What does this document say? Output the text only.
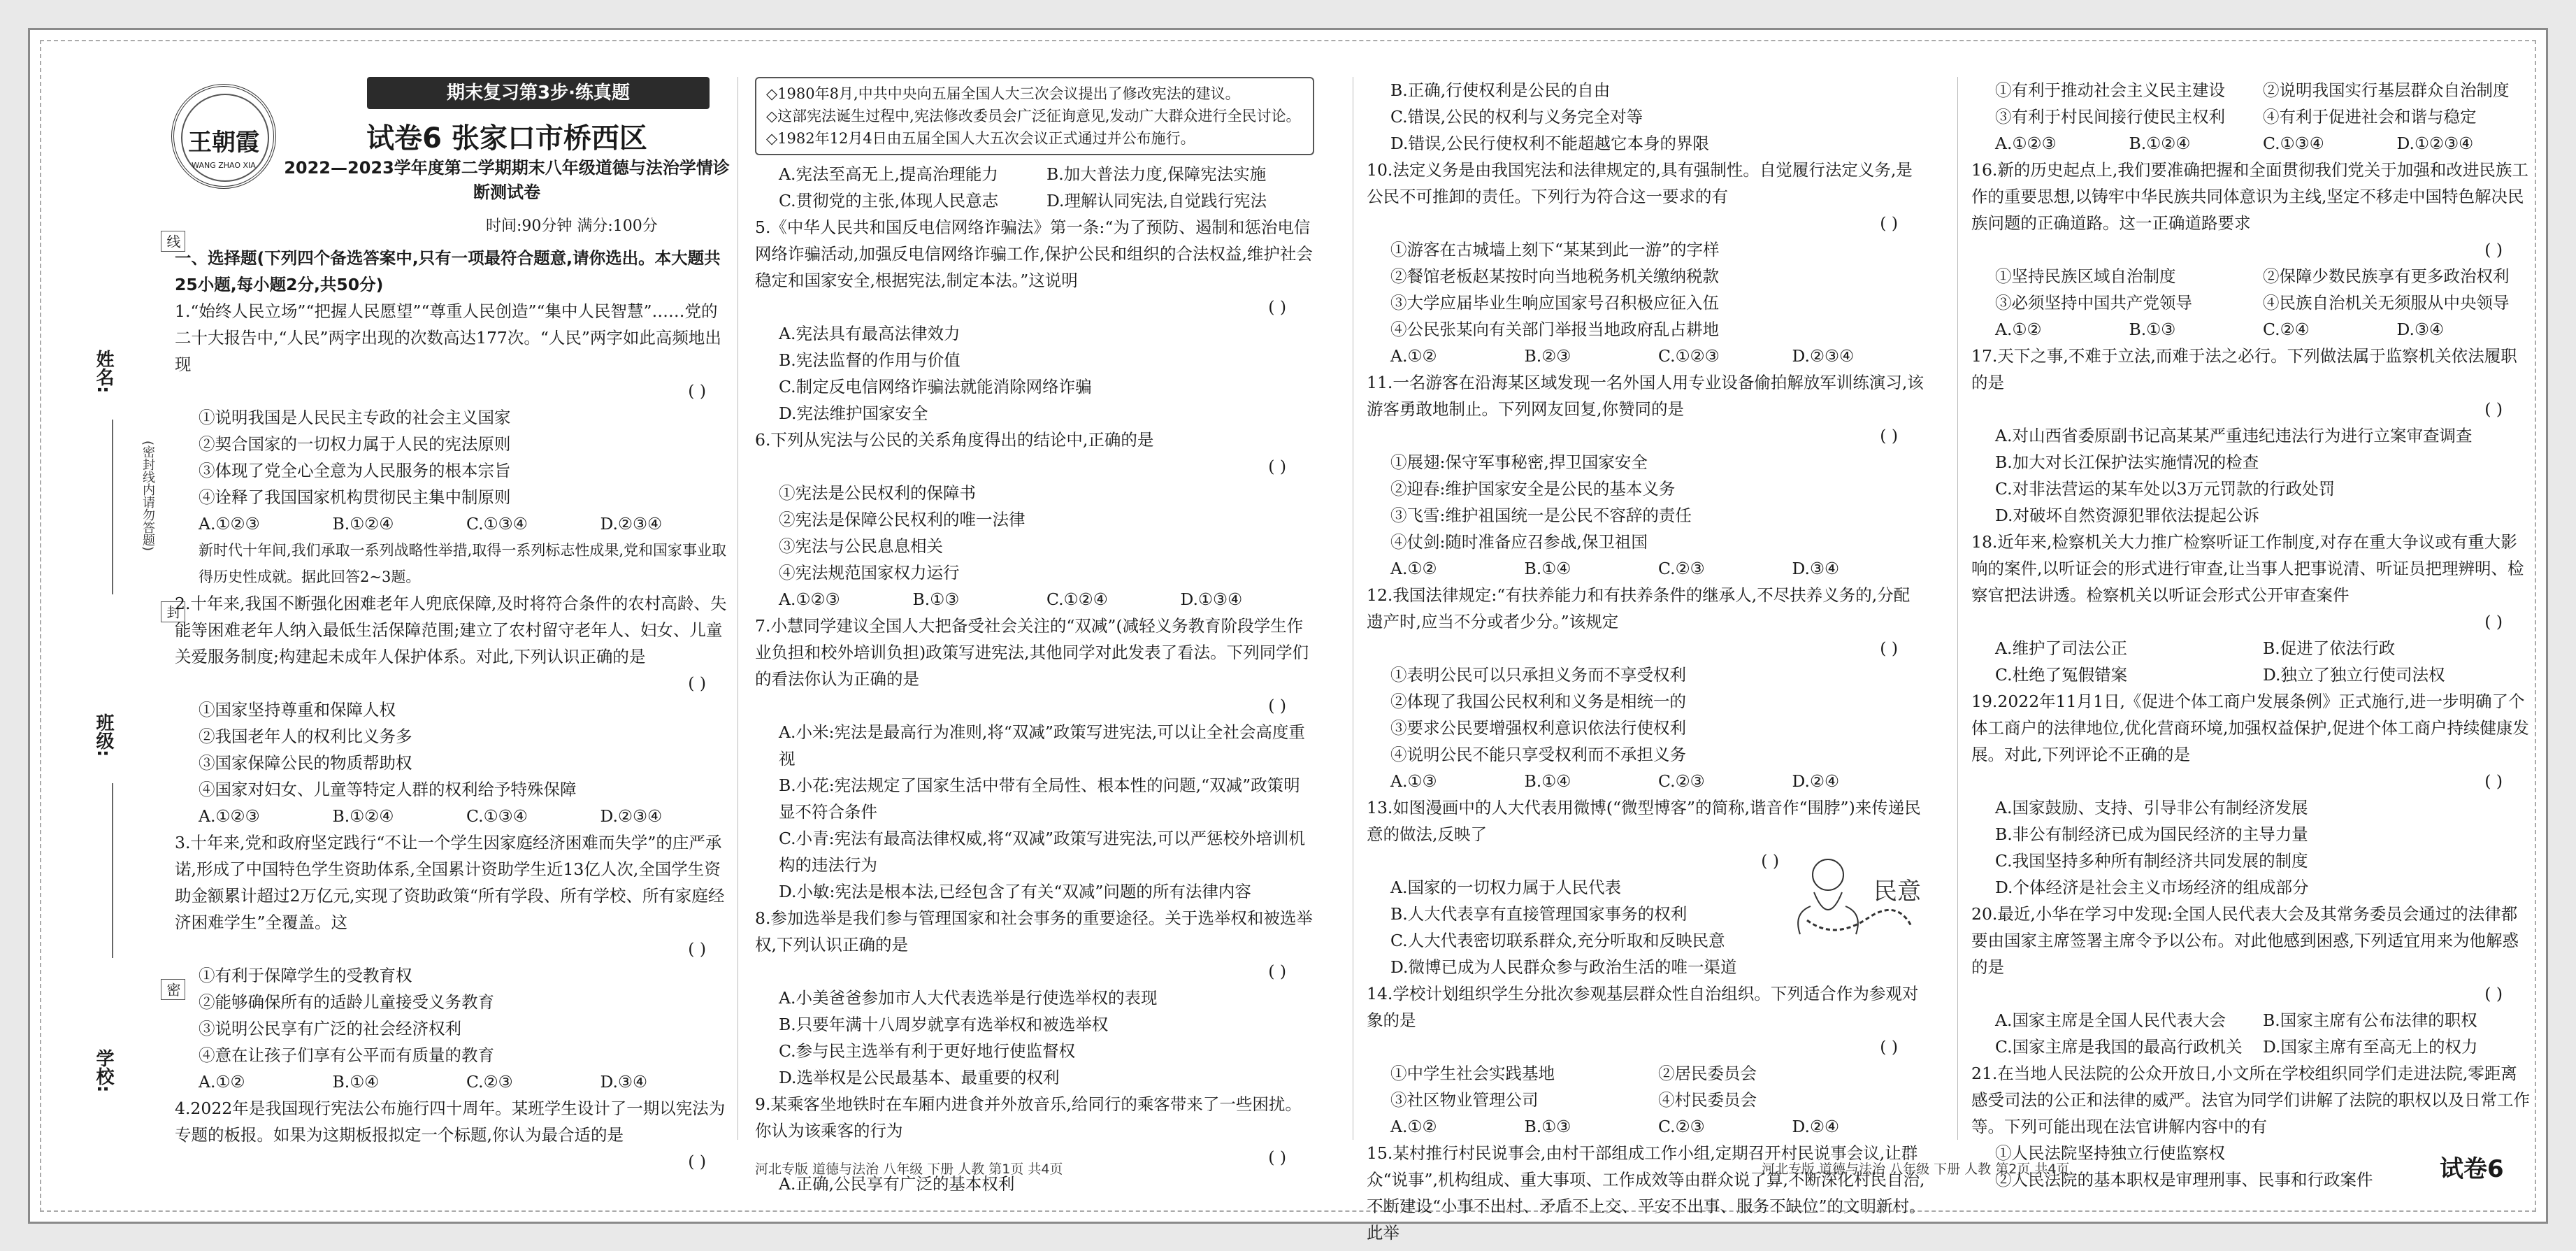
姓名:
班级:
学校:
线
(密封线内请勿答题)
封
密
期末复习第3步·练真题
王朝霞
WANG ZHAO XIA
试卷6 张家口市桥西区
2022—2023学年度第二学期期末八年级道德与法治学情诊断测试卷
时间:90分钟 满分:100分

一、选择题(下列四个备选答案中,只有一项最符合题意,请你选出。本大题共25小题,每小题2分,共50分)

1.“始终人民立场”“把握人民愿望”“尊重人民创造”“集中人民智慧”……党的二十大报告中,“人民”两字出现的次数高达177次。“人民”两字如此高频地出现

( )
①说明我国是人民民主专政的社会主义国家
②契合国家的一切权力属于人民的宪法原则
③体现了党全心全意为人民服务的根本宗旨
④诠释了我国国家机构贯彻民主集中制原则
A.①②③	B.①②④	C.①③④	D.②③④
新时代十年间,我们承取一系列战略性举措,取得一系列标志性成果,党和国家事业取得历史性成就。据此回答2~3题。

2.十年来,我国不断强化困难老年人兜底保障,及时将符合条件的农村高龄、失能等困难老年人纳入最低生活保障范围;建立了农村留守老年人、妇女、儿童关爱服务制度;构建起未成年人保护体系。对此,下列认识正确的是

( )
①国家坚持尊重和保障人权
②我国老年人的权利比义务多
③国家保障公民的物质帮助权
④国家对妇女、儿童等特定人群的权利给予特殊保障
A.①②③	B.①②④	C.①③④	D.②③④

3.十年来,党和政府坚定践行“不让一个学生因家庭经济困难而失学”的庄严承诺,形成了中国特色学生资助体系,全国累计资助学生近13亿人次,全国学生资助金额累计超过2万亿元,实现了资助政策“所有学段、所有学校、所有家庭经济困难学生”全覆盖。这

( )
①有利于保障学生的受教育权
②能够确保所有的适龄儿童接受义务教育
③说明公民享有广泛的社会经济权利
④意在让孩子们享有公平而有质量的教育
A.①②	B.①④	C.②③	D.③④

4.2022年是我国现行宪法公布施行四十周年。某班学生设计了一期以宪法为专题的板报。如果为这期板报拟定一个标题,你认为最合适的是

( )
◇1980年8月,中共中央向五届全国人大三次会议提出了修改宪法的建议。
◇这部宪法诞生过程中,宪法修改委员会广泛征询意见,发动广大群众进行全民讨论。
◇1982年12月4日由五届全国人大五次会议正式通过并公布施行。
A.宪法至高无上,提高治理能力	B.加大普法力度,保障宪法实施
C.贯彻党的主张,体现人民意志	D.理解认同宪法,自觉践行宪法

5.《中华人民共和国反电信网络诈骗法》第一条:“为了预防、遏制和惩治电信网络诈骗活动,加强反电信网络诈骗工作,保护公民和组织的合法权益,维护社会稳定和国家安全,根据宪法,制定本法。”这说明

( )
A.宪法具有最高法律效力
B.宪法监督的作用与价值
C.制定反电信网络诈骗法就能消除网络诈骗
D.宪法维护国家安全

6.下列从宪法与公民的关系角度得出的结论中,正确的是

( )
①宪法是公民权利的保障书
②宪法是保障公民权利的唯一法律
③宪法与公民息息相关
④宪法规范国家权力运行
A.①②③	B.①③	C.①②④	D.①③④

7.小慧同学建议全国人大把备受社会关注的“双减”(减轻义务教育阶段学生作业负担和校外培训负担)政策写进宪法,其他同学对此发表了看法。下列同学们的看法你认为正确的是

( )
A.小米:宪法是最高行为准则,将“双减”政策写进宪法,可以让全社会高度重视
B.小花:宪法规定了国家生活中带有全局性、根本性的问题,“双减”政策明显不符合条件
C.小青:宪法有最高法律权威,将“双减”政策写进宪法,可以严惩校外培训机构的违法行为
D.小敏:宪法是根本法,已经包含了有关“双减”问题的所有法律内容

8.参加选举是我们参与管理国家和社会事务的重要途径。关于选举权和被选举权,下列认识正确的是

( )
A.小美爸爸参加市人大代表选举是行使选举权的表现
B.只要年满十八周岁就享有选举权和被选举权
C.参与民主选举有利于更好地行使监督权
D.选举权是公民最基本、最重要的权利

9.某乘客坐地铁时在车厢内进食并外放音乐,给同行的乘客带来了一些困扰。你认为该乘客的行为

( )
A.正确,公民享有广泛的基本权利
B.正确,行使权利是公民的自由
C.错误,公民的权利与义务完全对等
D.错误,公民行使权利不能超越它本身的界限

10.法定义务是由我国宪法和法律规定的,具有强制性。自觉履行法定义务,是公民不可推卸的责任。下列行为符合这一要求的有

( )
①游客在古城墙上刻下“某某到此一游”的字样
②餐馆老板赵某按时向当地税务机关缴纳税款
③大学应届毕业生响应国家号召积极应征入伍
④公民张某向有关部门举报当地政府乱占耕地
A.①②	B.②③	C.①②③	D.②③④

11.一名游客在沿海某区域发现一名外国人用专业设备偷拍解放军训练演习,该游客勇敢地制止。下列网友回复,你赞同的是

( )
①展翅:保守军事秘密,捍卫国家安全
②迎春:维护国家安全是公民的基本义务
③飞雪:维护祖国统一是公民不容辞的责任
④仗剑:随时准备应召参战,保卫祖国
A.①②	B.①④	C.②③	D.③④

12.我国法律规定:“有扶养能力和有扶养条件的继承人,不尽扶养义务的,分配遗产时,应当不分或者少分。”该规定

( )
①表明公民可以只承担义务而不享受权利
②体现了我国公民权利和义务是相统一的
③要求公民要增强权利意识依法行使权利
④说明公民不能只享受权利而不承担义务
A.①③	B.①④	C.②③	D.②④

13.如图漫画中的人大代表用微博(“微型博客”的简称,谐音作“围脖”)来传递民意的做法,反映了

民意
( )
A.国家的一切权力属于人民代表
B.人大代表享有直接管理国家事务的权利
C.人大代表密切联系群众,充分听取和反映民意
D.微博已成为人民群众参与政治生活的唯一渠道

14.学校计划组织学生分批次参观基层群众性自治组织。下列适合作为参观对象的是

( )
①中学生社会实践基地	②居民委员会
③社区物业管理公司	④村民委员会
A.①②	B.①③	C.②③	D.②④

15.某村推行村民说事会,由村干部组成工作小组,定期召开村民说事会议,让群众“说事”,机构组成、重大事项、工作成效等由群众说了算,不断深化村民自治,不断建设“小事不出村、矛盾不上交、平安不出事、服务不缺位”的文明新村。此举

①有利于推动社会主义民主建设	②说明我国实行基层群众自治制度
③有利于村民间接行使民主权利	④有利于促进社会和谐与稳定
A.①②③	B.①②④	C.①③④	D.①②③④

16.新的历史起点上,我们要准确把握和全面贯彻我们党关于加强和改进民族工作的重要思想,以铸牢中华民族共同体意识为主线,坚定不移走中国特色解决民族问题的正确道路。这一正确道路要求

( )
①坚持民族区域自治制度	②保障少数民族享有更多政治权利
③必须坚持中国共产党领导	④民族自治机关无须服从中央领导
A.①②	B.①③	C.②④	D.③④

17.天下之事,不难于立法,而难于法之必行。下列做法属于监察机关依法履职的是

( )
A.对山西省委原副书记高某某严重违纪违法行为进行立案审查调查
B.加大对长江保护法实施情况的检查
C.对非法营运的某车处以3万元罚款的行政处罚
D.对破坏自然资源犯罪依法提起公诉

18.近年来,检察机关大力推广检察听证工作制度,对存在重大争议或有重大影响的案件,以听证会的形式进行审查,让当事人把事说清、听证员把理辨明、检察官把法讲透。检察机关以听证会形式公开审查案件

( )
A.维护了司法公正	B.促进了依法行政
C.杜绝了冤假错案	D.独立了独立行使司法权

19.2022年11月1日,《促进个体工商户发展条例》正式施行,进一步明确了个体工商户的法律地位,优化营商环境,加强权益保护,促进个体工商户持续健康发展。对此,下列评论不正确的是

( )
A.国家鼓励、支持、引导非公有制经济发展
B.非公有制经济已成为国民经济的主导力量
C.我国坚持多种所有制经济共同发展的制度
D.个体经济是社会主义市场经济的组成部分

20.最近,小华在学习中发现:全国人民代表大会及其常务委员会通过的法律都要由国家主席签署主席令予以公布。对此他感到困惑,下列适宜用来为他解惑的是

( )
A.国家主席是全国人民代表大会	B.国家主席有公布法律的职权
C.国家主席是我国的最高行政机关	D.国家主席有至高无上的权力

21.在当地人民法院的公众开放日,小文所在学校组织同学们走进法院,零距离感受司法的公正和法律的威严。法官为同学们讲解了法院的职权以及日常工作等。下列可能出现在法官讲解内容中的有

①人民法院坚持独立行使监察权
②人民法院的基本职权是审理刑事、民事和行政案件
河北专版 道德与法治 八年级 下册 人教 第1页 共4页	河北专版 道德与法治 八年级 下册 人教 第2页 共4页	试卷6
